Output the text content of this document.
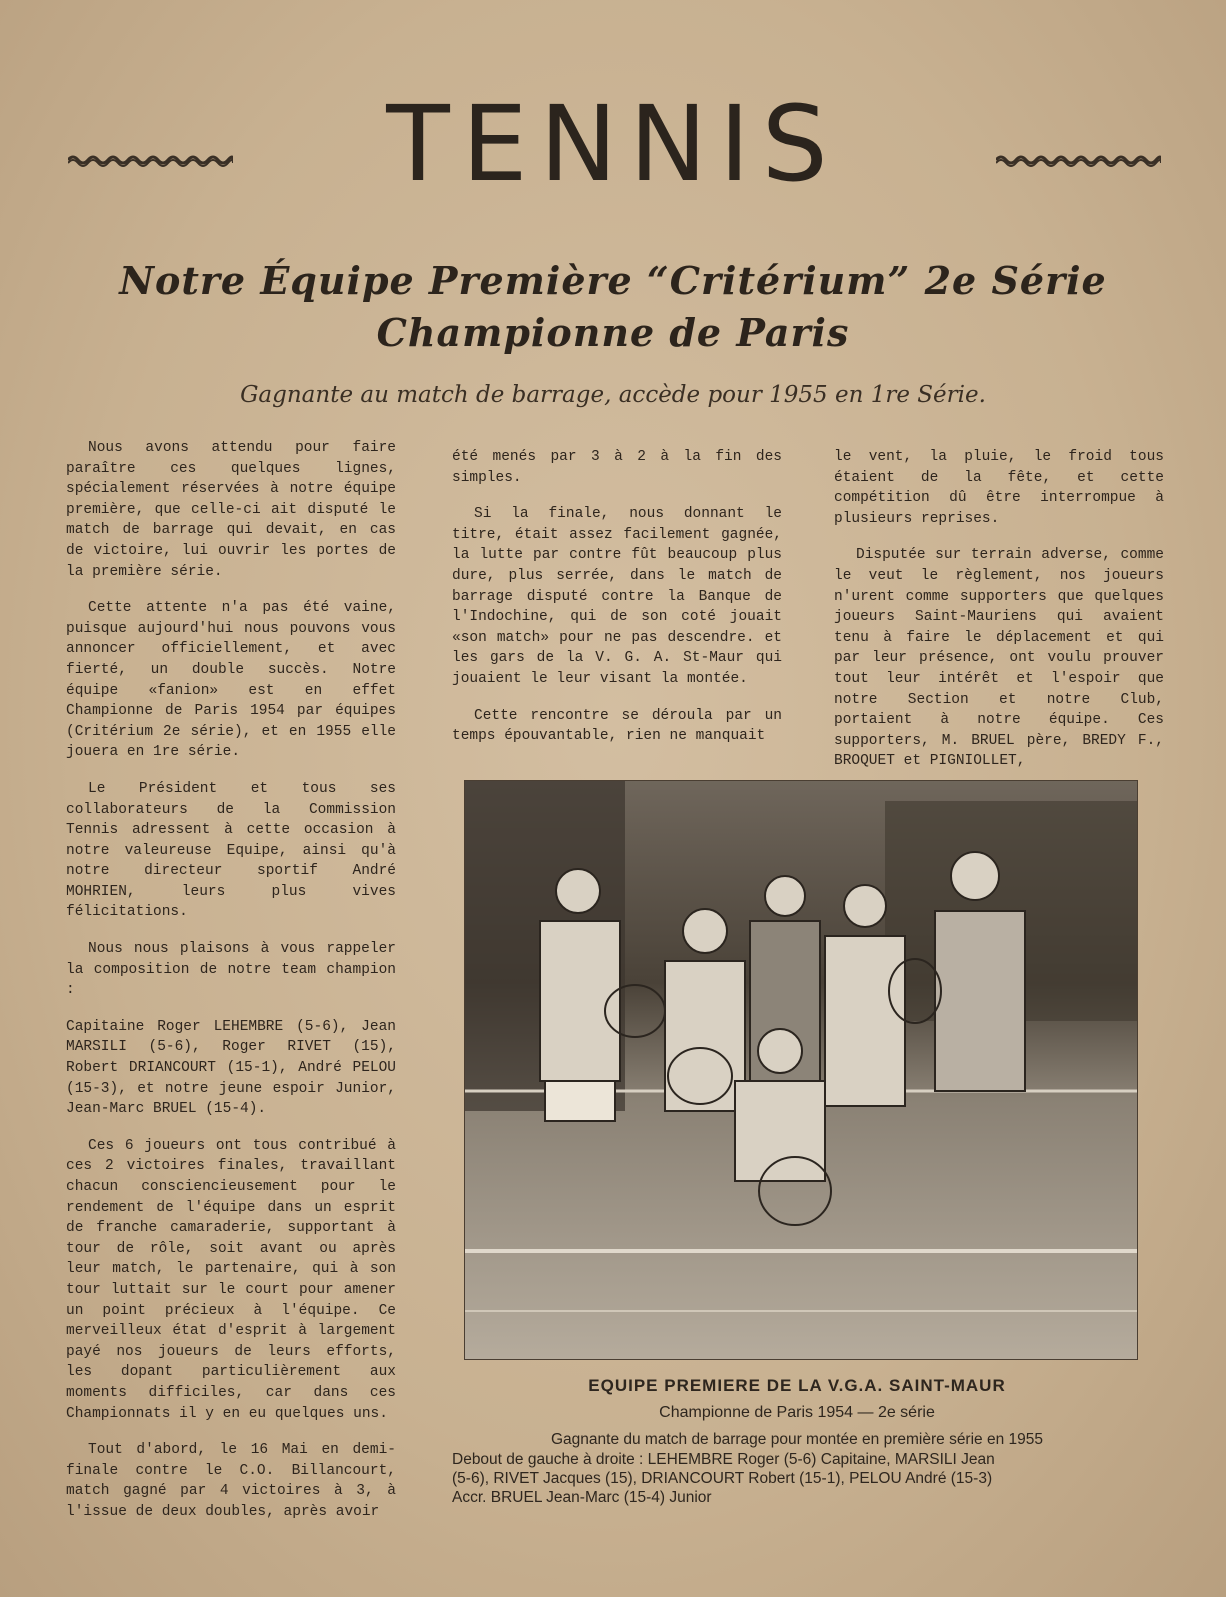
TENNIS
Notre Équipe Première “Critérium” 2e Série
Championne de Paris
Gagnante au match de barrage, accède pour 1955 en 1re Série.

Nous avons attendu pour faire paraître ces quelques lignes, spécialement réservées à notre équipe première, que celle-ci ait disputé le match de barrage qui devait, en cas de victoire, lui ouvrir les portes de la première série.

Cette attente n'a pas été vaine, puisque aujourd'hui nous pouvons vous annoncer officiellement, et avec fierté, un double succès. Notre équipe «fanion» est en effet Championne de Paris 1954 par équipes (Critérium 2e série), et en 1955 elle jouera en 1re série.

Le Président et tous ses collaborateurs de la Commission Tennis adressent à cette occasion à notre valeureuse Equipe, ainsi qu'à notre directeur sportif André MOHRIEN, leurs plus vives félicitations.

Nous nous plaisons à vous rappeler la composition de notre team champion :

Capitaine Roger LEHEMBRE (5-6), Jean MARSILI (5-6), Roger RIVET (15), Robert DRIANCOURT (15-1), André PELOU (15-3), et notre jeune espoir Junior, Jean-Marc BRUEL (15-4).

Ces 6 joueurs ont tous contribué à ces 2 victoires finales, travaillant chacun consciencieusement pour le rendement de l'équipe dans un esprit de franche camaraderie, supportant à tour de rôle, soit avant ou après leur match, le partenaire, qui à son tour luttait sur le court pour amener un point précieux à l'équipe. Ce merveilleux état d'esprit à largement payé nos joueurs de leurs efforts, les dopant particulièrement aux moments difficiles, car dans ces Championnats il y en eu quelques uns.

Tout d'abord, le 16 Mai en demi-finale contre le C.O. Billancourt, match gagné par 4 victoires à 3, à l'issue de deux doubles, après avoir

été menés par 3 à 2 à la fin des simples.

Si la finale, nous donnant le titre, était assez facilement gagnée, la lutte par contre fût beaucoup plus dure, plus serrée, dans le match de barrage disputé contre la Banque de l'Indochine, qui de son coté jouait «son match» pour ne pas descendre. et les gars de la V. G. A. St-Maur qui jouaient le leur visant la montée.

Cette rencontre se déroula par un temps épouvantable, rien ne manquait

le vent, la pluie, le froid tous étaient de la fête, et cette compétition dû être interrompue à plusieurs reprises.

Disputée sur terrain adverse, comme le veut le règlement, nos joueurs n'urent comme supporters que quelques joueurs Saint-Mauriens qui avaient tenu à faire le déplacement et qui par leur présence, ont voulu prouver tout leur intérêt et l'espoir que notre Section et notre Club, portaient à notre équipe. Ces supporters, M. BRUEL père, BREDY F., BROQUET et PIGNIOLLET,

EQUIPE PREMIERE DE LA V.G.A. SAINT-MAUR
Championne de Paris 1954 — 2e série
Gagnante du match de barrage pour montée en première série en 1955
Debout de gauche à droite : LEHEMBRE Roger (5-6) Capitaine, MARSILI Jean
(5-6), RIVET Jacques (15), DRIANCOURT Robert (15-1), PELOU André (15-3)
Accr. BRUEL Jean-Marc (15-4) Junior
